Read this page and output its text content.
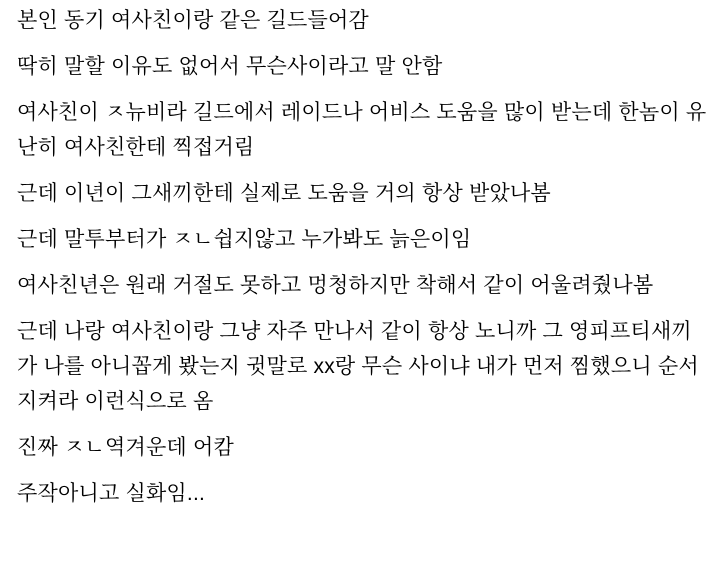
본인 동기 여사친이랑 같은 길드들어감

딱히 말할 이유도 없어서 무슨사이라고 말 안함

여사친이 ㅈ뉴비라 길드에서 레이드나 어비스 도움을 많이 받는데 한놈이 유난히 여사친한테 찍접거림

근데 이년이 그새끼한테 실제로 도움을 거의 항상 받았나봄

근데 말투부터가 ㅈㄴ쉽지않고 누가봐도 늙은이임

여사친년은 원래 거절도 못하고 멍청하지만 착해서 같이 어울려줬나봄

근데 나랑 여사친이랑 그냥 자주 만나서 같이 항상 노니까 그 영피프티새끼가 나를 아니꼽게 봤는지 귓말로 xx랑 무슨 사이냐 내가 먼저 찜했으니 순서지켜라 이런식으로 옴

진짜 ㅈㄴ역겨운데 어캄

주작아니고 실화임...
